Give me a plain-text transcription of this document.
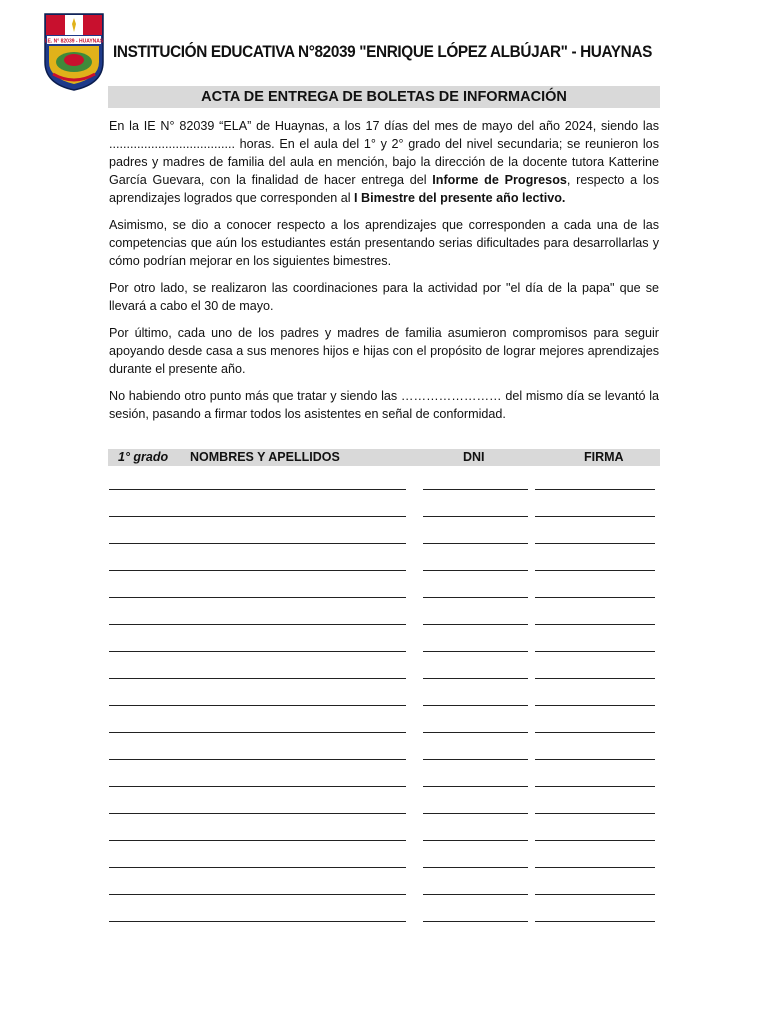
I.E. N° 82039 - HUAYNAS
INSTITUCIÓN EDUCATIVA N°82039 "ENRIQUE LÓPEZ ALBÚJAR" - HUAYNAS
ACTA DE ENTREGA DE BOLETAS DE INFORMACIÓN

En la IE N° 82039 “ELA” de Huaynas, a los 17 días del mes de mayo del año 2024, siendo las .................................... horas. En el aula del 1° y 2° grado del nivel secundaria; se reunieron los padres y madres de familia del aula en mención, bajo la dirección de la docente tutora Katterine García Guevara, con la finalidad de hacer entrega del Informe de Progresos, respecto a los aprendizajes logrados que corresponden al I Bimestre del presente año lectivo.

Asimismo, se dio a conocer respecto a los aprendizajes que corresponden a cada una de las competencias que aún los estudiantes están presentando serias dificultades para desarrollarlas y cómo podrían mejorar en los siguientes bimestres.

Por otro lado, se realizaron las coordinaciones para la actividad por "el día de la papa" que se llevará a cabo el 30 de mayo.

Por último, cada uno de los padres y madres de familia asumieron compromisos para seguir apoyando desde casa a sus menores hijos e hijas con el propósito de lograr mejores aprendizajes durante el presente año.

No habiendo otro punto más que tratar y siendo las …………………… del mismo día se levantó la sesión, pasando a firmar todos los asistentes en señal de conformidad.

1° grado NOMBRES Y APELLIDOS	DNI	FIRMA
